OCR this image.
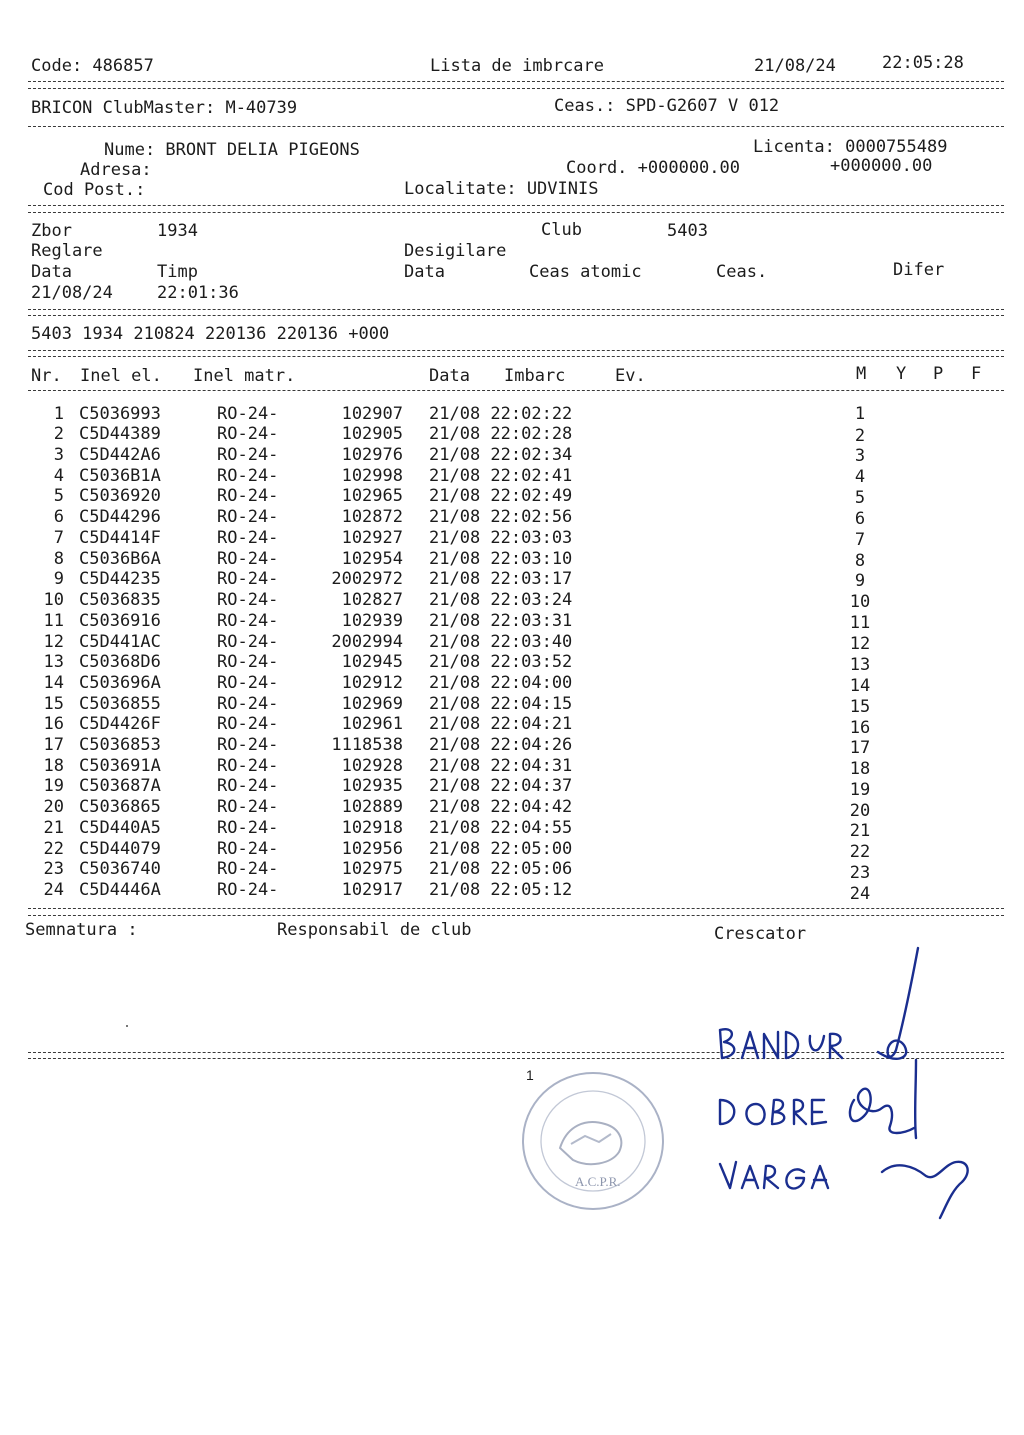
Code: 486857	Lista de imbrcare	21/08/24	22:05:28
BRICON ClubMaster: M-40739	Ceas.: SPD-G2607 V 012
Nume: BRONT DELIA PIGEONS	Licenta: 0000755489
Adresa:	Coord. +000000.00	+000000.00
Cod Post.:	Localitate: UDVINIS
Zbor	1934	Club	5403
Reglare	Desigilare
Data	Timp	Data	Ceas atomic	Ceas.	Difer
21/08/24	22:01:36
5403 1934 210824 220136 220136 +000
Nr. Inel el. Inel matr.	Data Imbarc	Ev.	M Y P F
1 C5036993	RO-24-	102907 21/08 22:02:22	1
2 C5D44389	RO-24-	102905 21/08 22:02:28	2
3 C5D442A6	RO-24-	102976 21/08 22:02:34	3
4 C5036B1A	RO-24-	102998 21/08 22:02:41	4
5 C5036920	RO-24-	102965 21/08 22:02:49	5
6 C5D44296	RO-24-	102872 21/08 22:02:56	6
7 C5D4414F	RO-24-	102927 21/08 22:03:03	7
8 C5036B6A	RO-24-	102954 21/08 22:03:10	8
9 C5D44235	RO-24-	2002972 21/08 22:03:17	9
10 C5036835	RO-24-	102827 21/08 22:03:24	10
11 C5036916	RO-24-	102939 21/08 22:03:31	11
12 C5D441AC	RO-24-	2002994 21/08 22:03:40	12
13 C50368D6	RO-24-	102945 21/08 22:03:52	13
14 C503696A	RO-24-	102912 21/08 22:04:00	14
15 C5036855	RO-24-	102969 21/08 22:04:15	15
16 C5D4426F	RO-24-	102961 21/08 22:04:21	16
17 C5036853	RO-24-	1118538 21/08 22:04:26	17
18 C503691A	RO-24-	102928 21/08 22:04:31	18
19 C503687A	RO-24-	102935 21/08 22:04:37	19
20 C5036865	RO-24-	102889 21/08 22:04:42	20
21 C5D440A5	RO-24-	102918 21/08 22:04:55	21
22 C5D44079	RO-24-	102956 21/08 22:05:00	22
23 C5036740	RO-24-	102975 21/08 22:05:06	23
24 C5D4446A	RO-24-	102917 21/08 22:05:12	24
Semnatura :	Responsabil de club	Crescator
1
A.C.P.R.
